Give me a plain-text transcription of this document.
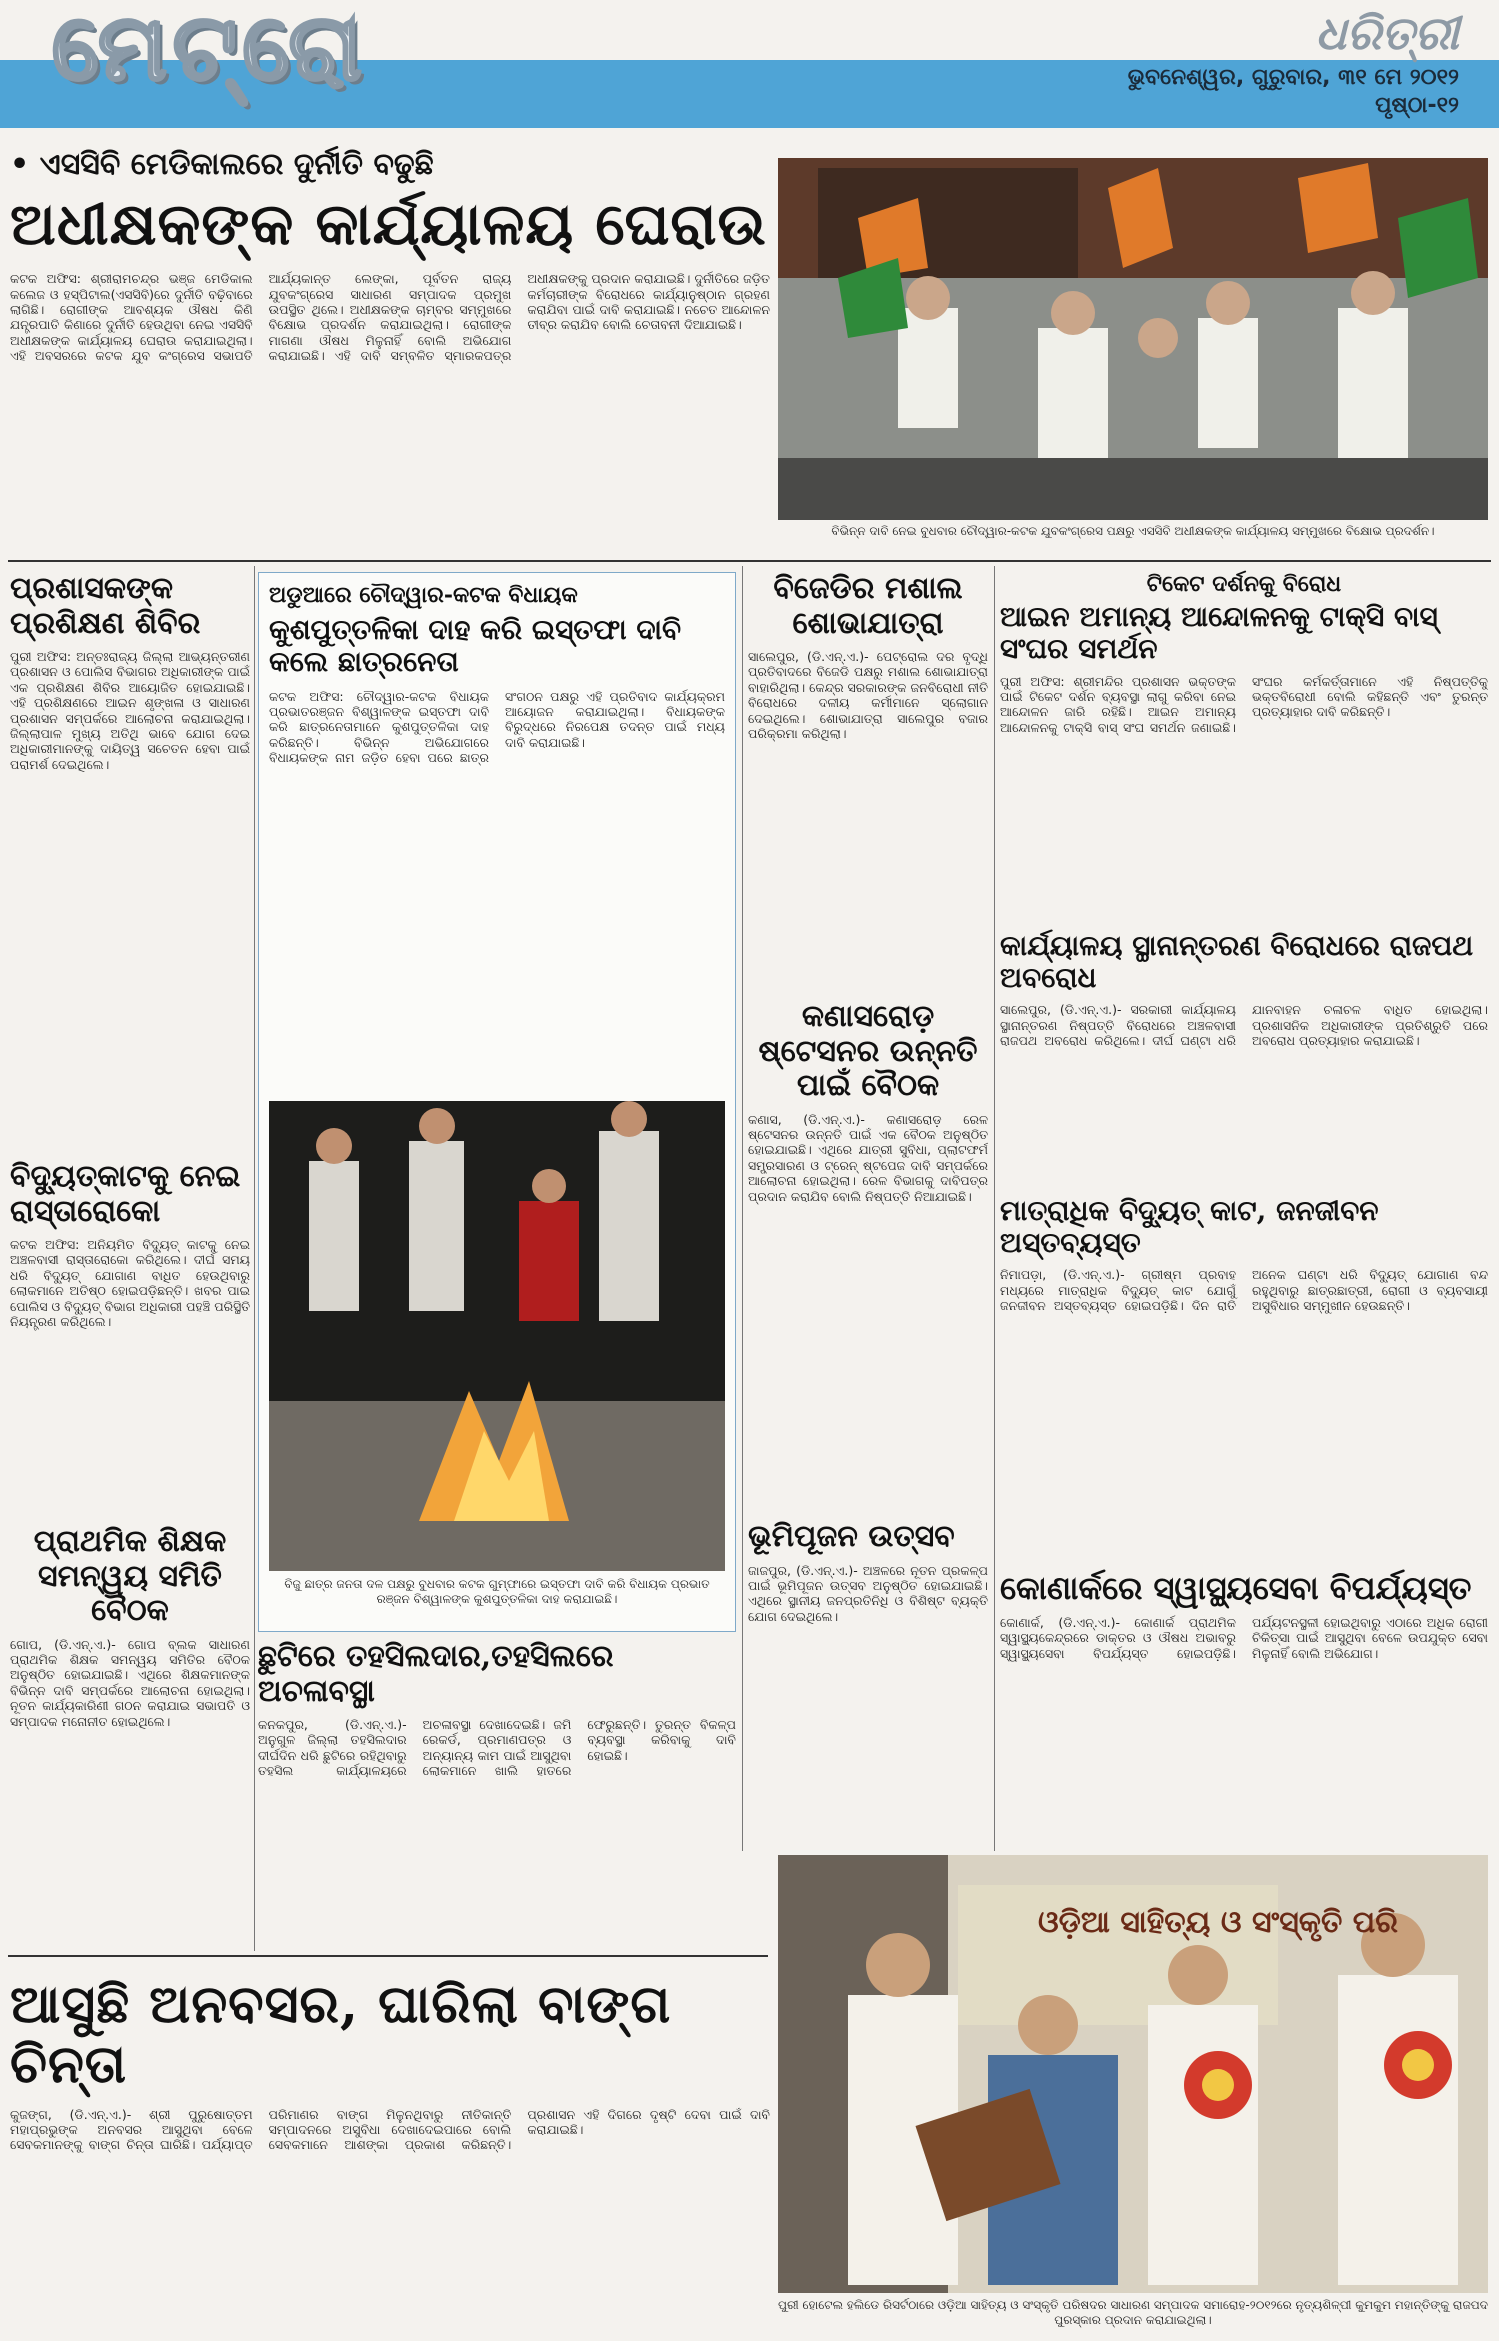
ମେଟ୍ରୋ	ଧରିତ୍ରୀ
ଭୁବନେଶ୍ୱର, ଗୁରୁବାର, ୩୧ ମେ ୨୦୧୨
ପୃଷ୍ଠା-୧୨
• ଏସସିବି ମେଡିକାଲରେ ଦୁର୍ନୀତି ବଢୁଛି
ଅଧୀକ୍ଷକଙ୍କ କାର୍ଯ୍ୟାଳୟ ଘେରାଉ
କଟକ ଅଫିସ: ଶ୍ରୀରାମଚନ୍ଦ୍ର ଭଞ୍ଜ ମେଡିକାଲ କଲେଜ ଓ ହସ୍ପିଟାଲ(ଏସସିବି)ରେ ଦୁର୍ନୀତି ବଢ଼ିବାରେ ଲାଗିଛି। ରୋଗୀଙ୍କ ଆବଶ୍ୟକ ଔଷଧ କିଣି ଯନ୍ତ୍ରପାତି କିଣାରେ ଦୁର୍ନୀତି ହେଉଥିବା ନେଇ ଏସସିବି ଅଧୀକ୍ଷକଙ୍କ କାର୍ଯ୍ୟାଳୟ ଘେରାଉ କରାଯାଇଥିଲା। ଏହି ଅବସରରେ କଟକ ଯୁବ କଂଗ୍ରେସ ସଭାପତି ଆର୍ଯ୍ୟକାନ୍ତ ଲେଙ୍କା, ପୂର୍ବତନ ରାଜ୍ୟ ଯୁବକଂଗ୍ରେସ ସାଧାରଣ ସମ୍ପାଦକ ପ୍ରମୁଖ ଉପସ୍ଥିତ ଥିଲେ। ଅଧୀକ୍ଷକଙ୍କ ଚାମ୍ବର ସମ୍ମୁଖରେ ବିକ୍ଷୋଭ ପ୍ରଦର୍ଶନ କରାଯାଇଥିଲା। ରୋଗୀଙ୍କ ମାଗଣା ଔଷଧ ମିଳୁନାହିଁ ବୋଲି ଅଭିଯୋଗ କରାଯାଇଛି। ଏହି ଦାବି ସମ୍ବଳିତ ସ୍ମାରକପତ୍ର ଅଧୀକ୍ଷକଙ୍କୁ ପ୍ରଦାନ କରାଯାଇଛି। ଦୁର୍ନୀତିରେ ଜଡ଼ିତ କର୍ମଚାରୀଙ୍କ ବିରୋଧରେ କାର୍ଯ୍ୟାନୁଷ୍ଠାନ ଗ୍ରହଣ କରାଯିବା ପାଇଁ ଦାବି କରାଯାଇଛି। ନଚେତ ଆନ୍ଦୋଳନ ତୀବ୍ର କରାଯିବ ବୋଲି ଚେତାବନୀ ଦିଆଯାଇଛି।
ବିଭିନ୍ନ ଦାବି ନେଇ ବୁଧବାର ଚୌଦ୍ୱାର-କଟକ ଯୁବକଂଗ୍ରେସ ପକ୍ଷରୁ ଏସସିବି ଅଧୀକ୍ଷକଙ୍କ କାର୍ଯ୍ୟାଳୟ ସମ୍ମୁଖରେ ବିକ୍ଷୋଭ ପ୍ରଦର୍ଶନ।
ପ୍ରଶାସକଙ୍କ ପ୍ରଶିକ୍ଷଣ ଶିବିର
ପୁରୀ ଅଫିସ: ଅନ୍ତଃରାଜ୍ୟ ଜିଲ୍ଲା ଆଭ୍ୟନ୍ତରୀଣ ପ୍ରଶାସନ ଓ ପୋଲିସ ବିଭାଗର ଅଧିକାରୀଙ୍କ ପାଇଁ ଏକ ପ୍ରଶିକ୍ଷଣ ଶିବିର ଆୟୋଜିତ ହୋଇଯାଇଛି। ଏହି ପ୍ରଶିକ୍ଷଣରେ ଆଇନ ଶୃଙ୍ଖଳା ଓ ସାଧାରଣ ପ୍ରଶାସନ ସମ୍ପର୍କରେ ଆଲୋଚନା କରାଯାଇଥିଲା। ଜିଲ୍ଲାପାଳ ମୁଖ୍ୟ ଅତିଥି ଭାବେ ଯୋଗ ଦେଇ ଅଧିକାରୀମାନଙ୍କୁ ଦାୟିତ୍ୱ ସଚେତନ ହେବା ପାଇଁ ପରାମର୍ଶ ଦେଇଥିଲେ।
ବିଦ୍ୟୁତ୍‌କାଟକୁ ନେଇ ରାସ୍ତାରୋକୋ
କଟକ ଅଫିସ: ଅନିୟମିତ ବିଦ୍ୟୁତ୍ କାଟକୁ ନେଇ ଅଞ୍ଚଳବାସୀ ରାସ୍ତାରୋକୋ କରିଥିଲେ। ଦୀର୍ଘ ସମୟ ଧରି ବିଦ୍ୟୁତ୍ ଯୋଗାଣ ବାଧିତ ହେଉଥିବାରୁ ଲୋକମାନେ ଅତିଷ୍ଠ ହୋଇପଡ଼ିଛନ୍ତି। ଖବର ପାଇ ପୋଲିସ ଓ ବିଦ୍ୟୁତ୍ ବିଭାଗ ଅଧିକାରୀ ପହଞ୍ଚି ପରିସ୍ଥିତି ନିୟନ୍ତ୍ରଣ କରିଥିଲେ।
ପ୍ରାଥମିକ ଶିକ୍ଷକ ସମନ୍ୱୟ ସମିତି ବୈଠକ
ଗୋପ, (ଡି.ଏନ୍.ଏ.)- ଗୋପ ବ୍ଲକ ସାଧାରଣ ପ୍ରାଥମିକ ଶିକ୍ଷକ ସମନ୍ୱୟ ସମିତିର ବୈଠକ ଅନୁଷ୍ଠିତ ହୋଇଯାଇଛି। ଏଥିରେ ଶିକ୍ଷକମାନଙ୍କ ବିଭିନ୍ନ ଦାବି ସମ୍ପର୍କରେ ଆଲୋଚନା ହୋଇଥିଲା। ନୂତନ କାର୍ଯ୍ୟକାରିଣୀ ଗଠନ କରାଯାଇ ସଭାପତି ଓ ସମ୍ପାଦକ ମନୋନୀତ ହୋଇଥିଲେ।
ଅଡୁଆରେ ଚୌଦ୍ୱାର-କଟକ ବିଧାୟକ
କୁଶପୁତ୍ତଳିକା ଦାହ କରି ଇସ୍ତଫା ଦାବି କଲେ ଛାତ୍ରନେତା
କଟକ ଅଫିସ: ଚୌଦ୍ୱାର-କଟକ ବିଧାୟକ ପ୍ରଭାତରଞ୍ଜନ ବିଶ୍ୱାଳଙ୍କ ଇସ୍ତଫା ଦାବି କରି ଛାତ୍ରନେତାମାନେ କୁଶପୁତ୍ତଳିକା ଦାହ କରିଛନ୍ତି। ବିଭିନ୍ନ ଅଭିଯୋଗରେ ବିଧାୟକଙ୍କ ନାମ ଜଡ଼ିତ ହେବା ପରେ ଛାତ୍ର ସଂଗଠନ ପକ୍ଷରୁ ଏହି ପ୍ରତିବାଦ କାର୍ଯ୍ୟକ୍ରମ ଆୟୋଜନ କରାଯାଇଥିଲା। ବିଧାୟକଙ୍କ ବିରୁଦ୍ଧରେ ନିରପେକ୍ଷ ତଦନ୍ତ ପାଇଁ ମଧ୍ୟ ଦାବି କରାଯାଇଛି।
ବିଜୁ ଛାତ୍ର ଜନତା ଦଳ ପକ୍ଷରୁ ବୁଧବାର କଟକ ଗୁମ୍ଫାରେ ଇସ୍ତଫା ଦାବି କରି ବିଧାୟକ ପ୍ରଭାତ ରଞ୍ଜନ ବିଶ୍ୱାଳଙ୍କ କୁଶପୁତ୍ତଳିକା ଦାହ କରାଯାଇଛି।
ବିଜେଡିର ମଶାଲ ଶୋଭାଯାତ୍ରା
ସାଲେପୁର, (ଡି.ଏନ୍.ଏ.)- ପେଟ୍ରୋଲ ଦର ବୃଦ୍ଧି ପ୍ରତିବାଦରେ ବିଜେଡି ପକ୍ଷରୁ ମଶାଲ ଶୋଭାଯାତ୍ରା ବାହାରିଥିଲା। କେନ୍ଦ୍ର ସରକାରଙ୍କ ଜନବିରୋଧୀ ନୀତି ବିରୋଧରେ ଦଳୀୟ କର୍ମୀମାନେ ସ୍ଲୋଗାନ ଦେଇଥିଲେ। ଶୋଭାଯାତ୍ରା ସାଲେପୁର ବଜାର ପରିକ୍ରମା କରିଥିଲା।
କଣାସରୋଡ଼ ଷ୍ଟେସନର ଉନ୍ନତି ପାଇଁ ବୈଠକ
କଣାସ, (ଡି.ଏନ୍.ଏ.)- କଣାସରୋଡ଼ ରେଳ ଷ୍ଟେସନର ଉନ୍ନତି ପାଇଁ ଏକ ବୈଠକ ଅନୁଷ୍ଠିତ ହୋଇଯାଇଛି। ଏଥିରେ ଯାତ୍ରୀ ସୁବିଧା, ପ୍ଲାଟଫର୍ମ ସମ୍ପ୍ରସାରଣ ଓ ଟ୍ରେନ୍ ଷ୍ଟପେଜ ଦାବି ସମ୍ପର୍କରେ ଆଲୋଚନା ହୋଇଥିଲା। ରେଳ ବିଭାଗକୁ ଦାବିପତ୍ର ପ୍ରଦାନ କରାଯିବ ବୋଲି ନିଷ୍ପତ୍ତି ନିଆଯାଇଛି।
ଭୂମିପୂଜନ ଉତ୍ସବ
ଜାଜପୁର, (ଡି.ଏନ୍.ଏ.)- ଅଞ୍ଚଳରେ ନୂତନ ପ୍ରକଳ୍ପ ପାଇଁ ଭୂମିପୂଜନ ଉତ୍ସବ ଅନୁଷ୍ଠିତ ହୋଇଯାଇଛି। ଏଥିରେ ସ୍ଥାନୀୟ ଜନପ୍ରତିନିଧି ଓ ବିଶିଷ୍ଟ ବ୍ୟକ୍ତି ଯୋଗ ଦେଇଥିଲେ।
ଟିକେଟ ଦର୍ଶନକୁ ବିରୋଧ
ଆଇନ ଅମାନ୍ୟ ଆନ୍ଦୋଳନକୁ ଟାକ୍ସି ବାସ୍ ସଂଘର ସମର୍ଥନ
ପୁରୀ ଅଫିସ: ଶ୍ରୀମନ୍ଦିର ପ୍ରଶାସନ ଭକ୍ତଙ୍କ ପାଇଁ ଟିକେଟ ଦର୍ଶନ ବ୍ୟବସ୍ଥା ଲାଗୁ କରିବା ନେଇ ଆନ୍ଦୋଳନ ଜାରି ରହିଛି। ଆଇନ ଅମାନ୍ୟ ଆନ୍ଦୋଳନକୁ ଟାକ୍ସି ବାସ୍ ସଂଘ ସମର୍ଥନ ଜଣାଇଛି। ସଂଘର କର୍ମକର୍ତ୍ତାମାନେ ଏହି ନିଷ୍ପତ୍ତିକୁ ଭକ୍ତବିରୋଧୀ ବୋଲି କହିଛନ୍ତି ଏବଂ ତୁରନ୍ତ ପ୍ରତ୍ୟାହାର ଦାବି କରିଛନ୍ତି।
କାର୍ଯ୍ୟାଳୟ ସ୍ଥାନାନ୍ତରଣ ବିରୋଧରେ ରାଜପଥ ଅବରୋଧ
ସାଲେପୁର, (ଡି.ଏନ୍.ଏ.)- ସରକାରୀ କାର୍ଯ୍ୟାଳୟ ସ୍ଥାନାନ୍ତରଣ ନିଷ୍ପତ୍ତି ବିରୋଧରେ ଅଞ୍ଚଳବାସୀ ରାଜପଥ ଅବରୋଧ କରିଥିଲେ। ଦୀର୍ଘ ଘଣ୍ଟା ଧରି ଯାନବାହନ ଚଳାଚଳ ବାଧିତ ହୋଇଥିଲା। ପ୍ରଶାସନିକ ଅଧିକାରୀଙ୍କ ପ୍ରତିଶ୍ରୁତି ପରେ ଅବରୋଧ ପ୍ରତ୍ୟାହାର କରାଯାଇଛି।
ମାତ୍ରାଧିକ ବିଦ୍ୟୁତ୍ କାଟ, ଜନଜୀବନ ଅସ୍ତବ୍ୟସ୍ତ
ନିମାପଡ଼ା, (ଡି.ଏନ୍.ଏ.)- ଗ୍ରୀଷ୍ମ ପ୍ରବାହ ମଧ୍ୟରେ ମାତ୍ରାଧିକ ବିଦ୍ୟୁତ୍ କାଟ ଯୋଗୁଁ ଜନଜୀବନ ଅସ୍ତବ୍ୟସ୍ତ ହୋଇପଡ଼ିଛି। ଦିନ ରାତି ଅନେକ ଘଣ୍ଟା ଧରି ବିଦ୍ୟୁତ୍ ଯୋଗାଣ ବନ୍ଦ ରହୁଥିବାରୁ ଛାତ୍ରଛାତ୍ରୀ, ରୋଗୀ ଓ ବ୍ୟବସାୟୀ ଅସୁବିଧାର ସମ୍ମୁଖୀନ ହେଉଛନ୍ତି।
କୋଣାର୍କରେ ସ୍ୱାସ୍ଥ୍ୟସେବା ବିପର୍ଯ୍ୟସ୍ତ
କୋଣାର୍କ, (ଡି.ଏନ୍.ଏ.)- କୋଣାର୍କ ପ୍ରାଥମିକ ସ୍ୱାସ୍ଥ୍ୟକେନ୍ଦ୍ରରେ ଡାକ୍ତର ଓ ଔଷଧ ଅଭାବରୁ ସ୍ୱାସ୍ଥ୍ୟସେବା ବିପର୍ଯ୍ୟସ୍ତ ହୋଇପଡ଼ିଛି। ପର୍ଯ୍ୟଟନସ୍ଥଳୀ ହୋଇଥିବାରୁ ଏଠାରେ ଅଧିକ ରୋଗୀ ଚିକିତ୍ସା ପାଇଁ ଆସୁଥିବା ବେଳେ ଉପଯୁକ୍ତ ସେବା ମିଳୁନାହିଁ ବୋଲି ଅଭିଯୋଗ।
ଛୁଟିରେ ତହସିଲଦାର,ତହସିଲରେ ଅଚଳାବସ୍ଥା
କନକପୁର, (ଡି.ଏନ୍.ଏ.)- ଅନୁଗୁଳ ଜିଲ୍ଲା ତହସିଲଦାର ଦୀର୍ଘଦିନ ଧରି ଛୁଟିରେ ରହିଥିବାରୁ ତହସିଲ କାର୍ଯ୍ୟାଳୟରେ ଅଚଳାବସ୍ଥା ଦେଖାଦେଇଛି। ଜମି ରେକର୍ଡ, ପ୍ରମାଣପତ୍ର ଓ ଅନ୍ୟାନ୍ୟ କାମ ପାଇଁ ଆସୁଥିବା ଲୋକମାନେ ଖାଲି ହାତରେ ଫେରୁଛନ୍ତି। ତୁରନ୍ତ ବିକଳ୍ପ ବ୍ୟବସ୍ଥା କରିବାକୁ ଦାବି ହୋଇଛି।
ଆସୁଛି ଅନବସର, ଘାରିଲା ବାଙ୍ଗ ଚିନ୍ତା
କୁଜଙ୍ଗ, (ଡି.ଏନ୍.ଏ.)- ଶ୍ରୀ ପୁରୁଷୋତ୍ତମ ମହାପ୍ରଭୁଙ୍କ ଅନବସର ଆସୁଥିବା ବେଳେ ସେବକମାନଙ୍କୁ ବାଙ୍ଗ ଚିନ୍ତା ଘାରିଛି। ପର୍ଯ୍ୟାପ୍ତ ପରିମାଣର ବାଙ୍ଗ ମିଳୁନଥିବାରୁ ନୀତିକାନ୍ତି ସମ୍ପାଦନରେ ଅସୁବିଧା ଦେଖାଦେଇପାରେ ବୋଲି ସେବକମାନେ ଆଶଙ୍କା ପ୍ରକାଶ କରିଛନ୍ତି। ପ୍ରଶାସନ ଏହି ଦିଗରେ ଦୃଷ୍ଟି ଦେବା ପାଇଁ ଦାବି କରାଯାଇଛି।
ଓଡ଼ିଆ ସାହିତ୍ୟ ଓ ସଂସ୍କୃତି ପରି
ପୁରୀ ହୋଟେଲ ହଲିଡେ ରିସର୍ଟଠାରେ ଓଡ଼ିଆ ସାହିତ୍ୟ ଓ ସଂସ୍କୃତି ପରିଷଦର ସାଧାରଣ ସମ୍ପାଦକ ସମାରୋହ-୨୦୧୨ରେ ନୃତ୍ୟଶିଳ୍ପୀ କୁମକୁମ ମହାନ୍ତିଙ୍କୁ ରାଜପଦ ପୁରସ୍କାର ପ୍ରଦାନ କରାଯାଇଥିଲା।
